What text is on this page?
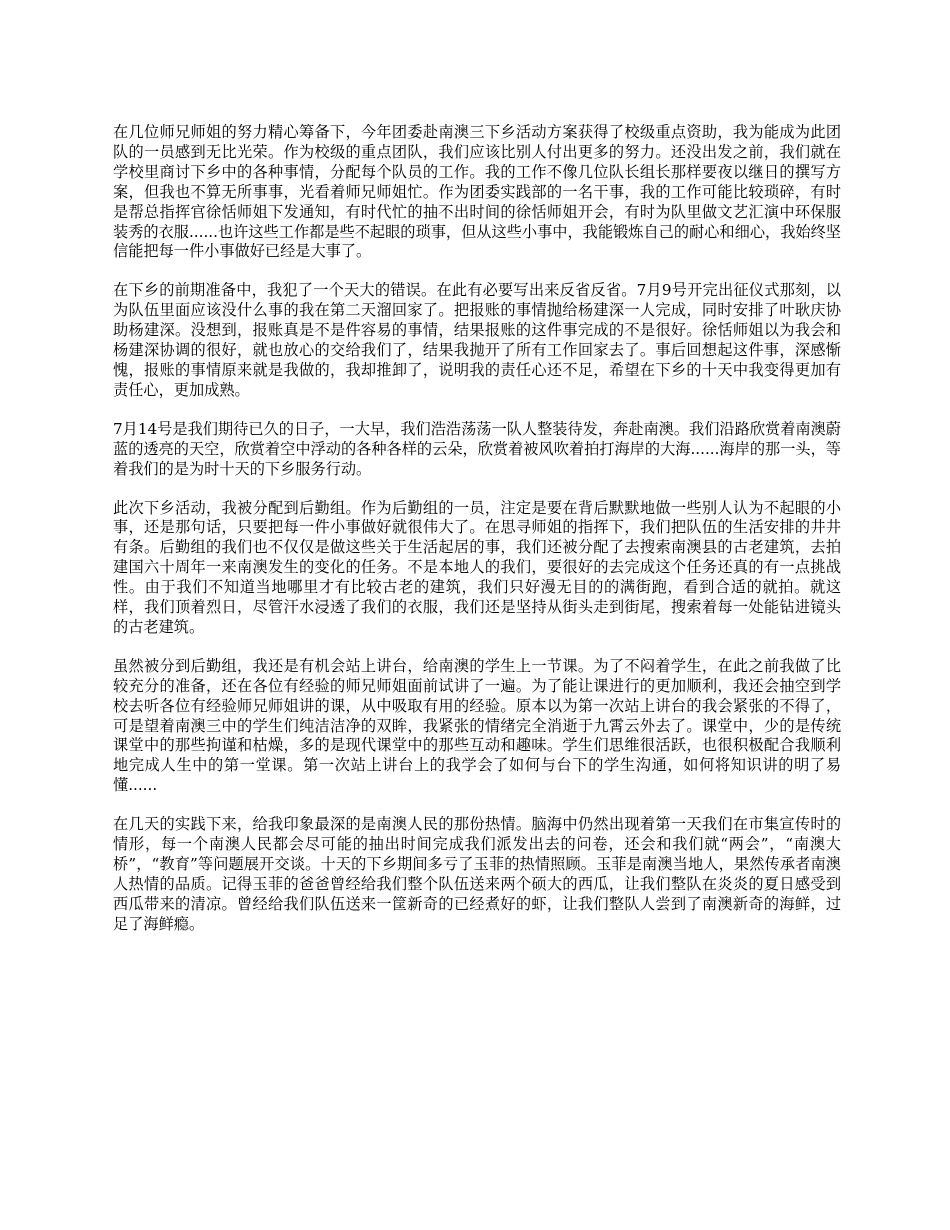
在几位师兄师姐的努力精心筹备下，今年团委赴南澳三下乡活动方案获得了校级重点资助，我为能成为此团队的一员感到无比光荣。作为校级的重点团队，我们应该比别人付出更多的努力。还没出发之前，我们就在学校里商讨下乡中的各种事情，分配每个队员的工作。我的工作不像几位队长组长那样要夜以继日的撰写方案，但我也不算无所事事，光看着师兄师姐忙。作为团委实践部的一名干事，我的工作可能比较琐碎，有时是帮总指挥官徐恬师姐下发通知，有时代忙的抽不出时间的徐恬师姐开会，有时为队里做文艺汇演中环保服装秀的衣服......也许这些工作都是些不起眼的琐事，但从这些小事中，我能锻炼自己的耐心和细心，我始终坚信能把每一件小事做好已经是大事了。

在下乡的前期准备中，我犯了一个天大的错误。在此有必要写出来反省反省。7月9号开完出征仪式那刻，以为队伍里面应该没什么事的我在第二天溜回家了。把报账的事情抛给杨建深一人完成，同时安排了叶耿庆协助杨建深。没想到，报账真是不是件容易的事情，结果报账的这件事完成的不是很好。徐恬师姐以为我会和杨建深协调的很好，就也放心的交给我们了，结果我抛开了所有工作回家去了。事后回想起这件事，深感惭愧，报账的事情原来就是我做的，我却推卸了，说明我的责任心还不足，希望在下乡的十天中我变得更加有责任心，更加成熟。

7月14号是我们期待已久的日子，一大早，我们浩浩荡荡一队人整装待发，奔赴南澳。我们沿路欣赏着南澳蔚蓝的透亮的天空，欣赏着空中浮动的各种各样的云朵，欣赏着被风吹着拍打海岸的大海......海岸的那一头，等着我们的是为时十天的下乡服务行动。

此次下乡活动，我被分配到后勤组。作为后勤组的一员，注定是要在背后默默地做一些别人认为不起眼的小事，还是那句话，只要把每一件小事做好就很伟大了。在思寻师姐的指挥下，我们把队伍的生活安排的井井有条。后勤组的我们也不仅仅是做这些关于生活起居的事，我们还被分配了去搜索南澳县的古老建筑，去拍建国六十周年一来南澳发生的变化的任务。不是本地人的我们，要很好的去完成这个任务还真的有一点挑战性。由于我们不知道当地哪里才有比较古老的建筑，我们只好漫无目的的满街跑，看到合适的就拍。就这样，我们顶着烈日，尽管汗水浸透了我们的衣服，我们还是坚持从街头走到街尾，搜索着每一处能钻进镜头的古老建筑。

虽然被分到后勤组，我还是有机会站上讲台，给南澳的学生上一节课。为了不闷着学生，在此之前我做了比较充分的准备，还在各位有经验的师兄师姐面前试讲了一遍。为了能让课进行的更加顺利，我还会抽空到学校去听各位有经验师兄师姐讲的课，从中吸取有用的经验。原本以为第一次站上讲台的我会紧张的不得了，可是望着南澳三中的学生们纯洁洁净的双眸，我紧张的情绪完全消逝于九霄云外去了。课堂中，少的是传统课堂中的那些拘谨和枯燥，多的是现代课堂中的那些互动和趣味。学生们思维很活跃，也很积极配合我顺利地完成人生中的第一堂课。第一次站上讲台上的我学会了如何与台下的学生沟通，如何将知识讲的明了易懂......

在几天的实践下来，给我印象最深的是南澳人民的那份热情。脑海中仍然出现着第一天我们在市集宣传时的情形，每一个南澳人民都会尽可能的抽出时间完成我们派发出去的问卷，还会和我们就“两会”，“南澳大桥”，“教育”等问题展开交谈。十天的下乡期间多亏了玉菲的热情照顾。玉菲是南澳当地人，果然传承者南澳人热情的品质。记得玉菲的爸爸曾经给我们整个队伍送来两个硕大的西瓜，让我们整队在炎炎的夏日感受到西瓜带来的清凉。曾经给我们队伍送来一筐新奇的已经煮好的虾，让我们整队人尝到了南澳新奇的海鲜，过足了海鲜瘾。
